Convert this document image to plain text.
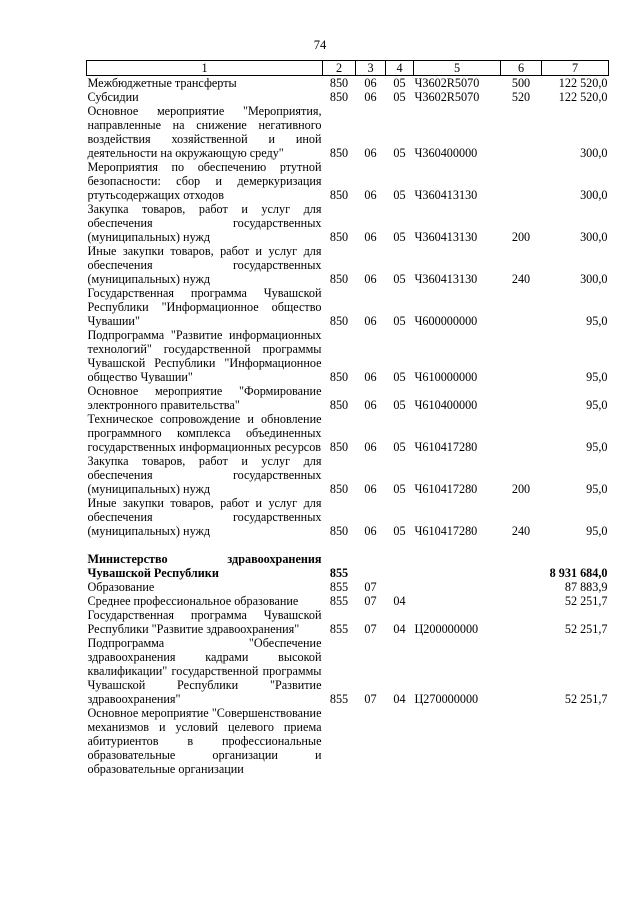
74
1	2	3	4	5	6	7
Межбюджетные трансферты	850	06	05	Ч3602R5070	500	122 520,0
Субсидии	850	06	05	Ч3602R5070	520	122 520,0
Основное мероприятие "Мероприятия, направленные на снижение негативного воздействия хозяйственной и иной деятельности на окружающую среду"	850	06	05	Ч360400000		300,0
Мероприятия по обеспечению ртутной безопасности: сбор и демеркуризация ртутьсодержащих отходов	850	06	05	Ч360413130		300,0
Закупка товаров, работ и услуг для обеспечения государственных (муниципальных) нужд	850	06	05	Ч360413130	200	300,0
Иные закупки товаров, работ и услуг для обеспечения государственных (муниципальных) нужд	850	06	05	Ч360413130	240	300,0
Государственная программа Чувашской Республики "Информационное общество Чувашии"	850	06	05	Ч600000000		95,0
Подпрограмма "Развитие информационных технологий" государственной программы Чувашской Республики "Информационное общество Чувашии"	850	06	05	Ч610000000		95,0
Основное мероприятие "Формирование электронного правительства"	850	06	05	Ч610400000		95,0
Техническое сопровождение и обновление программного комплекса объединенных государственных информационных ресурсов	850	06	05	Ч610417280		95,0
Закупка товаров, работ и услуг для обеспечения государственных (муниципальных) нужд	850	06	05	Ч610417280	200	95,0
Иные закупки товаров, работ и услуг для обеспечения государственных (муниципальных) нужд	850	06	05	Ч610417280	240	95,0

Министерство здравоохранения Чувашской Республики	855					8 931 684,0
Образование	855	07				87 883,9
Среднее профессиональное образование	855	07	04			52 251,7
Государственная программа Чувашской Республики "Развитие здравоохранения"	855	07	04	Ц200000000		52 251,7
Подпрограмма "Обеспечение здравоохранения кадрами высокой квалификации" государственной программы Чувашской Республики "Развитие здравоохранения"	855	07	04	Ц270000000		52 251,7
Основное мероприятие "Совершенствование механизмов и условий целевого приема абитуриентов в профессиональные образовательные организации и образовательные организации						
